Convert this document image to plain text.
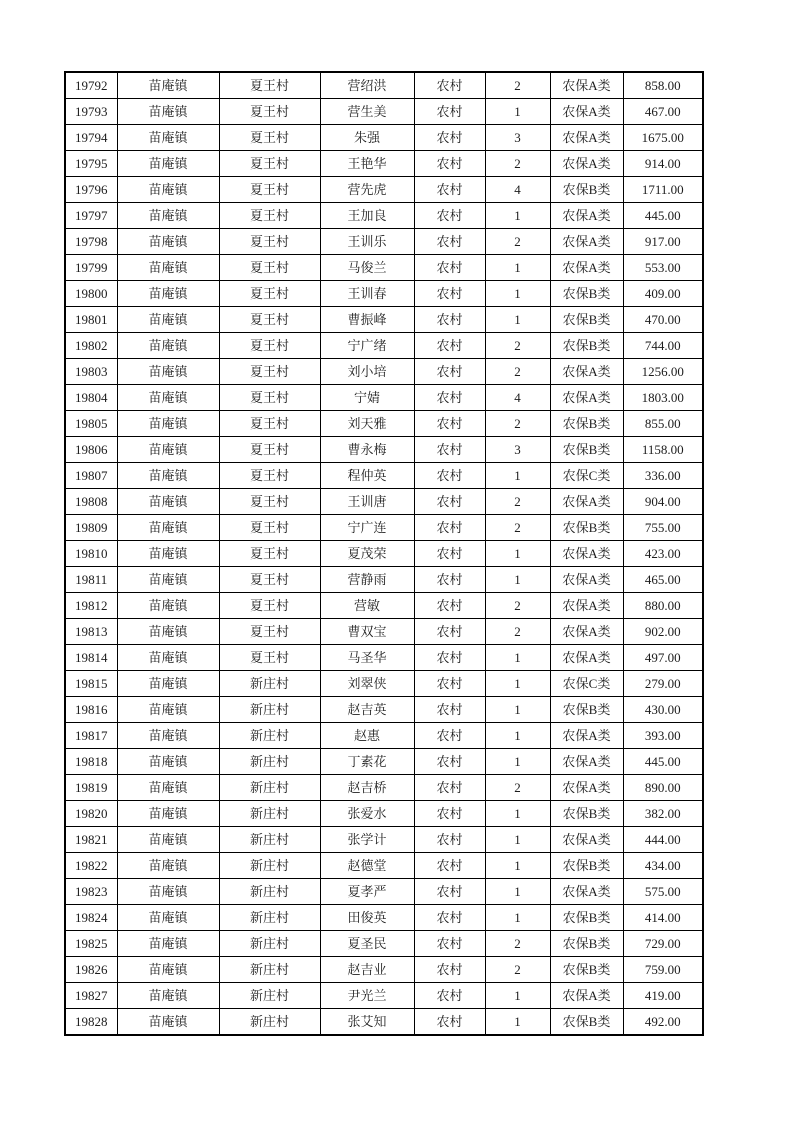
19792	苗庵镇	夏王村	营绍洪	农村	2	农保A类	858.00
19793	苗庵镇	夏王村	营生美	农村	1	农保A类	467.00
19794	苗庵镇	夏王村	朱强	农村	3	农保A类	1675.00
19795	苗庵镇	夏王村	王艳华	农村	2	农保A类	914.00
19796	苗庵镇	夏王村	营先虎	农村	4	农保B类	1711.00
19797	苗庵镇	夏王村	王加良	农村	1	农保A类	445.00
19798	苗庵镇	夏王村	王训乐	农村	2	农保A类	917.00
19799	苗庵镇	夏王村	马俊兰	农村	1	农保A类	553.00
19800	苗庵镇	夏王村	王训春	农村	1	农保B类	409.00
19801	苗庵镇	夏王村	曹振峰	农村	1	农保B类	470.00
19802	苗庵镇	夏王村	宁广绪	农村	2	农保B类	744.00
19803	苗庵镇	夏王村	刘小培	农村	2	农保A类	1256.00
19804	苗庵镇	夏王村	宁婧	农村	4	农保A类	1803.00
19805	苗庵镇	夏王村	刘天雅	农村	2	农保B类	855.00
19806	苗庵镇	夏王村	曹永梅	农村	3	农保B类	1158.00
19807	苗庵镇	夏王村	程仲英	农村	1	农保C类	336.00
19808	苗庵镇	夏王村	王训唐	农村	2	农保A类	904.00
19809	苗庵镇	夏王村	宁广连	农村	2	农保B类	755.00
19810	苗庵镇	夏王村	夏茂荣	农村	1	农保A类	423.00
19811	苗庵镇	夏王村	营静雨	农村	1	农保A类	465.00
19812	苗庵镇	夏王村	营敏	农村	2	农保A类	880.00
19813	苗庵镇	夏王村	曹双宝	农村	2	农保A类	902.00
19814	苗庵镇	夏王村	马圣华	农村	1	农保A类	497.00
19815	苗庵镇	新庄村	刘翠侠	农村	1	农保C类	279.00
19816	苗庵镇	新庄村	赵吉英	农村	1	农保B类	430.00
19817	苗庵镇	新庄村	赵惠	农村	1	农保A类	393.00
19818	苗庵镇	新庄村	丁素花	农村	1	农保A类	445.00
19819	苗庵镇	新庄村	赵吉桥	农村	2	农保A类	890.00
19820	苗庵镇	新庄村	张爱水	农村	1	农保B类	382.00
19821	苗庵镇	新庄村	张学计	农村	1	农保A类	444.00
19822	苗庵镇	新庄村	赵德堂	农村	1	农保B类	434.00
19823	苗庵镇	新庄村	夏孝严	农村	1	农保A类	575.00
19824	苗庵镇	新庄村	田俊英	农村	1	农保B类	414.00
19825	苗庵镇	新庄村	夏圣民	农村	2	农保B类	729.00
19826	苗庵镇	新庄村	赵吉业	农村	2	农保B类	759.00
19827	苗庵镇	新庄村	尹光兰	农村	1	农保A类	419.00
19828	苗庵镇	新庄村	张艾知	农村	1	农保B类	492.00
